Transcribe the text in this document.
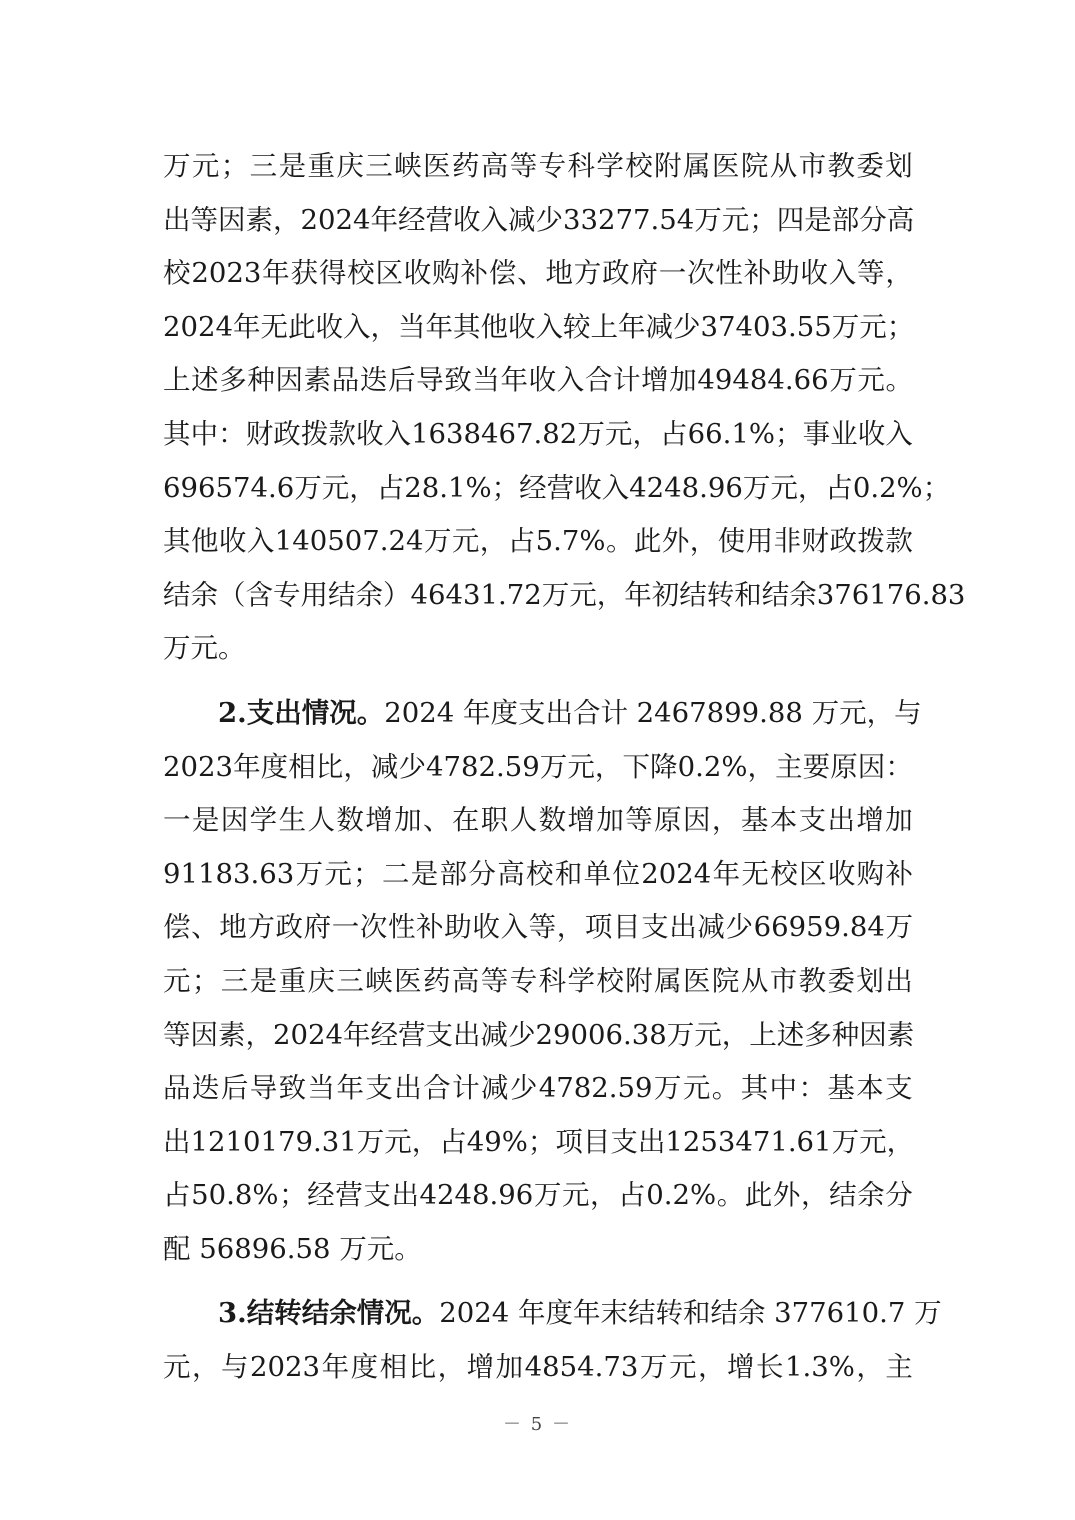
万 元 ； 三 是 重 庆 三 峡 医 药 高 等 专 科 学 校 附 属 医 院 从 市 教 委 划
出 等 因 素 ， 2024 年 经 营 收 入 减 少 33277.54 万 元 ； 四 是 部 分 高
校 2023 年 获 得 校 区 收 购 补 偿 、 地 方 政 府 一 次 性 补 助 收 入 等 ，
2024 年 无 此 收 入 ， 当 年 其 他 收 入 较 上 年 减 少 37403.55 万 元 ；
上 述 多 种 因 素 品 迭 后 导 致 当 年 收 入 合 计 增 加 49484.66 万 元 。
其 中 ： 财 政 拨 款 收 入 1638467.82 万 元 ， 占 66.1% ； 事 业 收 入
696574.6 万 元 ， 占 28.1% ； 经 营 收 入 4248.96 万 元 ， 占 0.2% ；
其 他 收 入 140507.24 万 元 ， 占 5.7% 。 此 外 ， 使 用 非 财 政 拨 款
结 余 （ 含 专 用 结 余 ） 46431.72 万 元 ， 年 初 结 转 和 结 余 376176.83
万元。
2.支出情况。2024 年度支出合计 2467899.88 万元，与
2023 年 度 相 比 ， 减 少 4782.59 万 元 ， 下 降 0.2% ， 主 要 原 因 ：
一 是 因 学 生 人 数 增 加 、 在 职 人 数 增 加 等 原 因 ， 基 本 支 出 增 加
91183.63 万 元 ； 二 是 部 分 高 校 和 单 位 2024 年 无 校 区 收 购 补
偿 、 地 方 政 府 一 次 性 补 助 收 入 等 ， 项 目 支 出 减 少 66959.84 万
元 ； 三 是 重 庆 三 峡 医 药 高 等 专 科 学 校 附 属 医 院 从 市 教 委 划 出
等 因 素 ， 2024 年 经 营 支 出 减 少 29006.38 万 元 ， 上 述 多 种 因 素
品 迭 后 导 致 当 年 支 出 合 计 减 少 4782.59 万 元 。 其 中 ： 基 本 支
出 1210179.31 万 元 ， 占 49% ； 项 目 支 出 1253471.61 万 元 ，
占 50.8% ； 经 营 支 出 4248.96 万 元 ， 占 0.2% 。 此 外 ， 结 余 分
配 56896.58 万元。
3.结转结余情况。2024 年度年末结转和结余 377610.7 万
元 ， 与 2023 年 度 相 比 ， 增 加 4854.73 万 元 ， 增 长 1.3% ， 主
－ 5 －
